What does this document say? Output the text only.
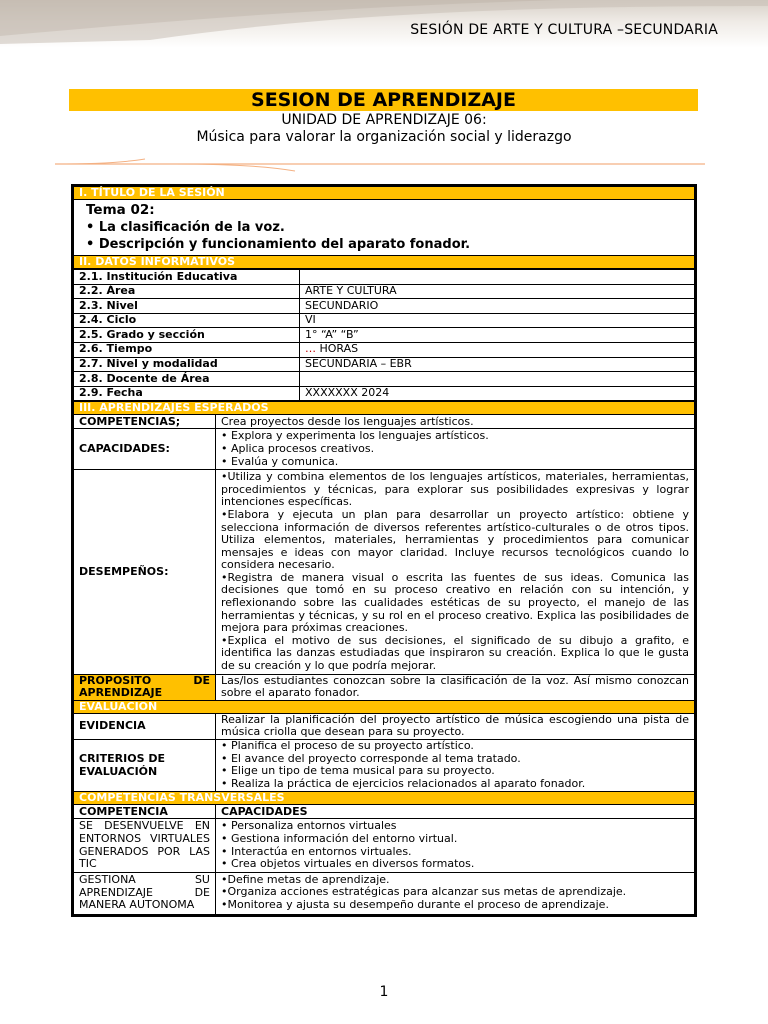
SESIÓN DE ARTE Y CULTURA –SECUNDARIA
SESION DE APRENDIZAJE
UNIDAD DE APRENDIZAJE 06:
Música para valorar la organización social y liderazgo
I. TÍTULO DE LA SESIÓN

Tema 02:
• La clasificación de la voz.
• Descripción y funcionamiento del aparato fonador.

II. DATOS INFORMATIVOS
2.1. Institución Educativa	
2.2. Área	ARTE Y CULTURA
2.3. Nivel	SECUNDARIO
2.4. Ciclo	VI
2.5. Grado y sección	1° “A” “B”
2.6. Tiempo	… HORAS
2.7. Nivel y modalidad	SECUNDARIA – EBR
2.8. Docente de Área	
2.9. Fecha	XXXXXXX 2024
III. APRENDIZAJES ESPERADOS	
COMPETENCIAS;	Crea proyectos desde los lenguajes artísticos.
CAPACIDADES:	• Explora y experimenta los lenguajes artísticos.
• Aplica procesos creativos.
• Evalúa y comunica.

DESEMPEÑOS:	•Utiliza y combina elementos de los lenguajes artísticos, materiales, herramientas, procedimientos y técnicas, para explorar sus posibilidades expresivas y lograr intenciones específicas.
•Elabora y ejecuta un plan para desarrollar un proyecto artístico: obtiene y selecciona información de diversos referentes artístico-culturales o de otros tipos. Utiliza elementos, materiales, herramientas y procedimientos para comunicar mensajes e ideas con mayor claridad. Incluye recursos tecnológicos cuando lo considera necesario.
•Registra de manera visual o escrita las fuentes de sus ideas. Comunica las decisiones que tomó en su proceso creativo en relación con su intención, y reflexionando sobre las cualidades estéticas de su proyecto, el manejo de las herramientas y técnicas, y su rol en el proceso creativo. Explica las posibilidades de mejora para próximas creaciones.
•Explica el motivo de sus decisiones, el significado de su dibujo a grafito, e identifica las danzas estudiadas que inspiraron su creación. Explica lo que le gusta de su creación y lo que podría mejorar.

PROPOSITO DE APRENDIZAJE	Las/los estudiantes conozcan sobre la clasificación de la voz. Así mismo conozcan sobre el aparato fonador.
EVALUACION	
EVIDENCIA	Realizar la planificación del proyecto artístico de música escogiendo una pista de música criolla que desean para su proyecto.
CRITERIOS DE EVALUACIÓN	• Planifica el proceso de su proyecto artístico.
• El avance del proyecto corresponde al tema tratado.
• Elige un tipo de tema musical para su proyecto.
• Realiza la práctica de ejercicios relacionados al aparato fonador.

COMPETENCIAS TRANSVERSALES	
COMPETENCIA	CAPACIDADES
SE DESENVUELVE EN ENTORNOS VIRTUALES GENERADOS POR LAS TIC	• Personaliza entornos virtuales
• Gestiona información del entorno virtual.
• Interactúa en entornos virtuales.
• Crea objetos virtuales en diversos formatos.

GESTIONA SU APRENDIZAJE DE MANERA AUTONOMA	•Define metas de aprendizaje.
•Organiza acciones estratégicas para alcanzar sus metas de aprendizaje.
•Monitorea y ajusta su desempeño durante el proceso de aprendizaje.
1
